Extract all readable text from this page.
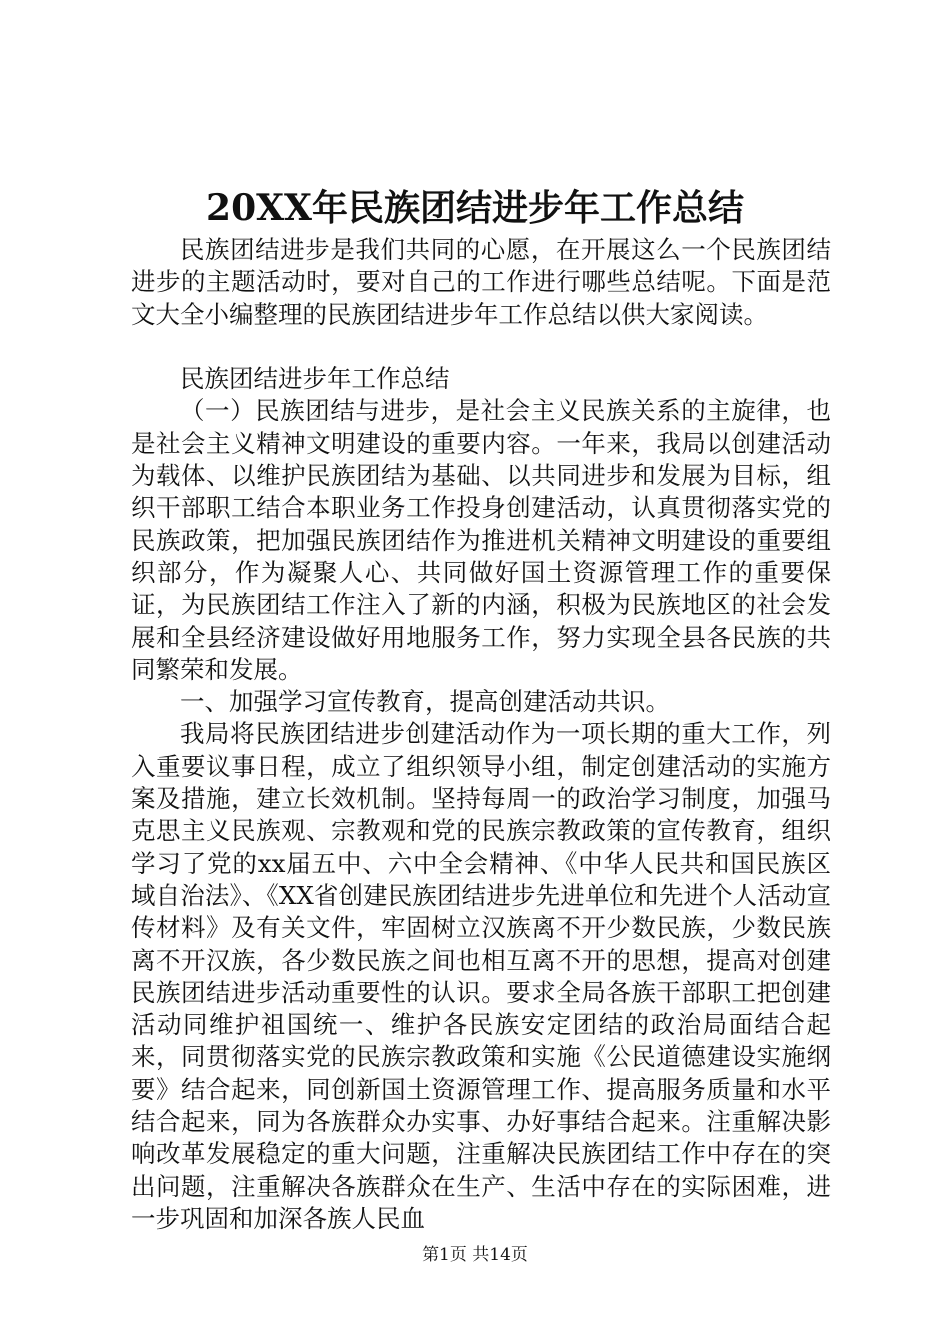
20XX年民族团结进步年工作总结

民族团结进步是我们共同的心愿，在开展这么一个民族团结进步的主题活动时，要对自己的工作进行哪些总结呢。下面是范文大全小编整理的民族团结进步年工作总结以供大家阅读。

民族团结进步年工作总结

（一）民族团结与进步，是社会主义民族关系的主旋律，也是社会主义精神文明建设的重要内容。一年来，我局以创建活动为载体、以维护民族团结为基础、以共同进步和发展为目标，组织干部职工结合本职业务工作投身创建活动，认真贯彻落实党的民族政策，把加强民族团结作为推进机关精神文明建设的重要组织部分，作为凝聚人心、共同做好国土资源管理工作的重要保证，为民族团结工作注入了新的内涵，积极为民族地区的社会发展和全县经济建设做好用地服务工作，努力实现全县各民族的共同繁荣和发展。

一、加强学习宣传教育，提高创建活动共识。

我局将民族团结进步创建活动作为一项长期的重大工作，列入重要议事日程，成立了组织领导小组，制定创建活动的实施方案及措施，建立长效机制。坚持每周一的政治学习制度，加强马克思主义民族观、宗教观和党的民族宗教政策的宣传教育，组织学习了党的xx届五中、六中全会精神、《中华人民共和国民族区域自治法》、《XX省创建民族团结进步先进单位和先进个人活动宣传材料》及有关文件，牢固树立汉族离不开少数民族，少数民族离不开汉族，各少数民族之间也相互离不开的思想，提高对创建民族团结进步活动重要性的认识。要求全局各族干部职工把创建活动同维护祖国统一、维护各民族安定团结的政治局面结合起来，同贯彻落实党的民族宗教政策和实施《公民道德建设实施纲要》结合起来，同创新国土资源管理工作、提高服务质量和水平结合起来，同为各族群众办实事、办好事结合起来。注重解决影响改革发展稳定的重大问题，注重解决民族团结工作中存在的突出问题，注重解决各族群众在生产、生活中存在的实际困难，进一步巩固和加深各族人民血

第1页 共14页
